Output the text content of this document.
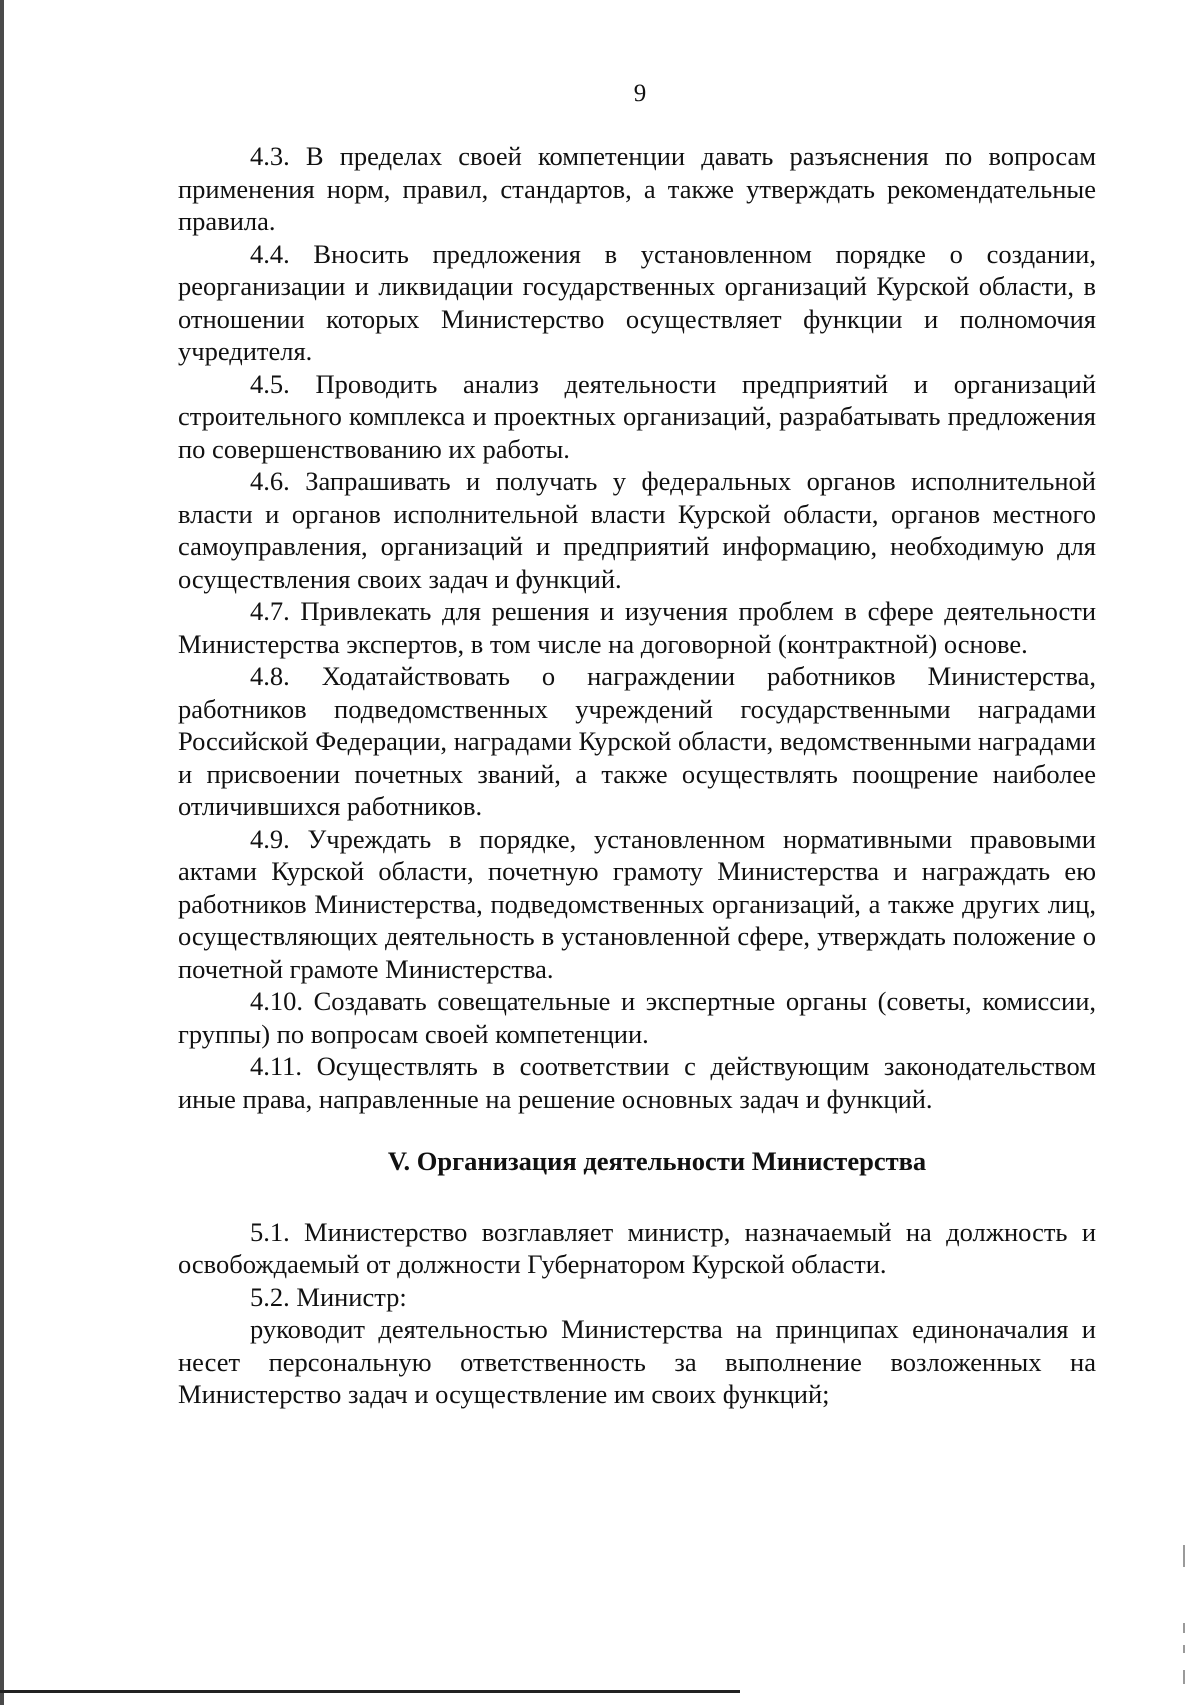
9

4.3. В пределах своей компетенции давать разъяснения по вопросам применения норм, правил, стандартов, а также утверждать рекомендательные правила.

4.4. Вносить предложения в установленном порядке о создании, реорганизации и ликвидации государственных организаций Курской области, в отношении которых Министерство осуществляет функции и полномочия учредителя.

4.5. Проводить анализ деятельности предприятий и организаций строительного комплекса и проектных организаций, разрабатывать предложения по совершенствованию их работы.

4.6. Запрашивать и получать у федеральных органов исполнительной власти и органов исполнительной власти Курской области, органов местного самоуправления, организаций и предприятий информацию, необходимую для осуществления своих задач и функций.

4.7. Привлекать для решения и изучения проблем в сфере деятельности Министерства экспертов, в том числе на договорной (контрактной) основе.

4.8. Ходатайствовать о награждении работников Министерства, работников подведомственных учреждений государственными наградами Российской Федерации, наградами Курской области, ведомственными наградами и присвоении почетных званий, а также осуществлять поощрение наиболее отличившихся работников.

4.9. Учреждать в порядке, установленном нормативными правовыми актами Курской области, почетную грамоту Министерства и награждать ею работников Министерства, подведомственных организаций, а также других лиц, осуществляющих деятельность в установленной сфере, утверждать положение о почетной грамоте Министерства.

4.10. Создавать совещательные и экспертные органы (советы, комиссии, группы) по вопросам своей компетенции.

4.11. Осуществлять в соответствии с действующим законодательством иные права, направленные на решение основных задач и функций.

V. Организация деятельности Министерства

5.1. Министерство возглавляет министр, назначаемый на должность и освобождаемый от должности Губернатором Курской области.

5.2. Министр:

руководит деятельностью Министерства на принципах единоначалия и несет персональную ответственность за выполнение возложенных на Министерство задач и осуществление им своих функций;
